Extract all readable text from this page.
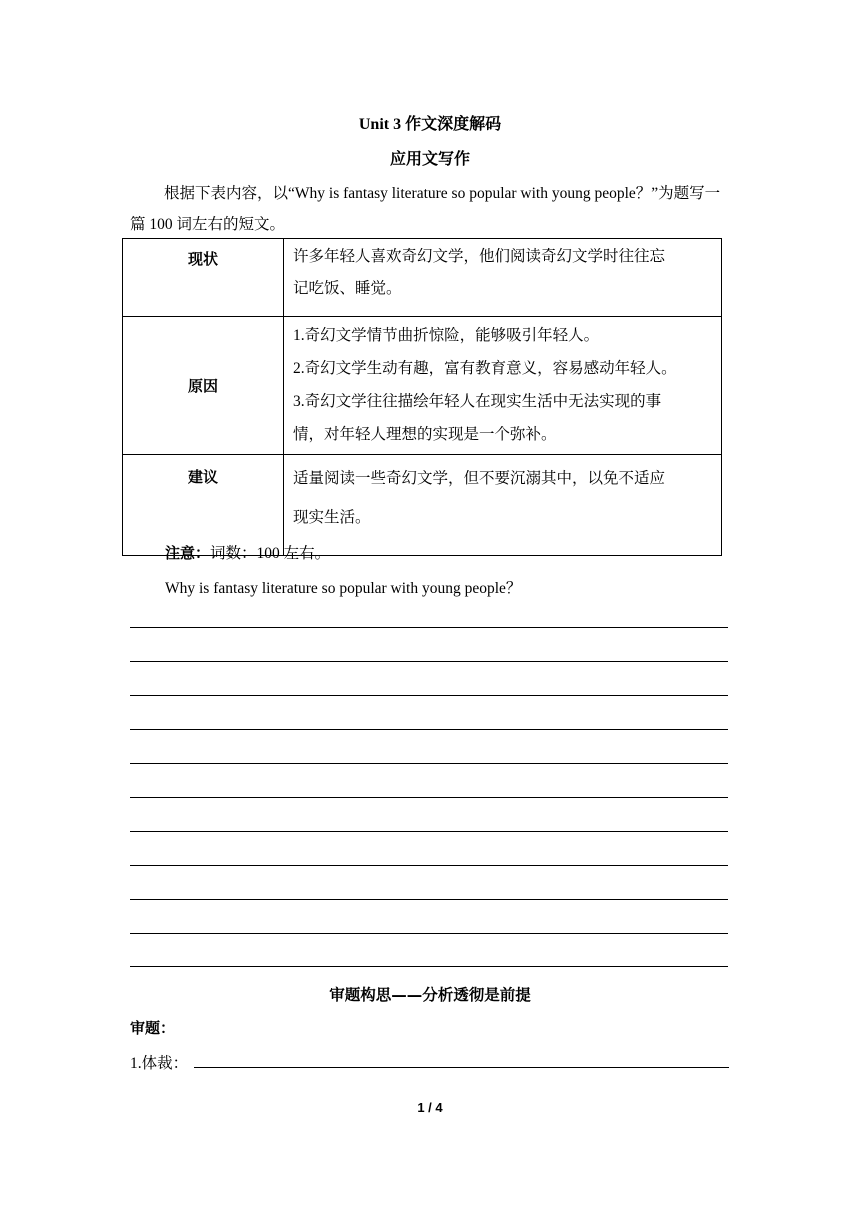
Unit 3 作文深度解码
应用文写作
根据下表内容，以“Why is fantasy literature so popular with young people？”为题写一篇 100 词左右的短文。
现状	许多年轻人喜欢奇幻文学，他们阅读奇幻文学时往往忘
记吃饭、睡觉。

原因	1.奇幻文学情节曲折惊险，能够吸引年轻人。
2.奇幻文学生动有趣，富有教育意义，容易感动年轻人。
3.奇幻文学往往描绘年轻人在现实生活中无法实现的事
情，对年轻人理想的实现是一个弥补。

建议	适量阅读一些奇幻文学，但不要沉溺其中，以免不适应
现实生活。
注意：词数：100 左右。
Why is fantasy literature so popular with young people？
审题构思——分析透彻是前提
审题：
1.体裁：
1 / 4
